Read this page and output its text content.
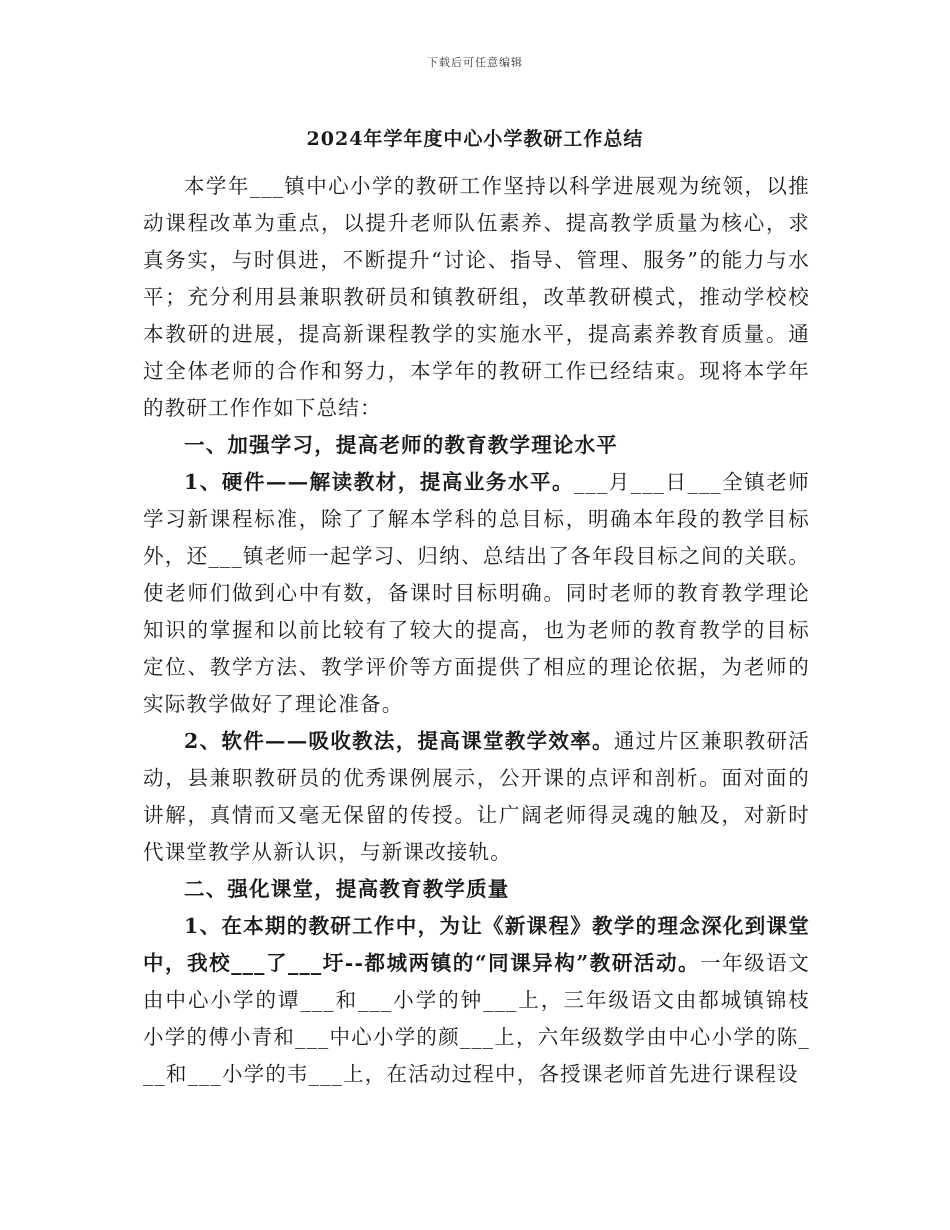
下载后可任意编辑
2024年学年度中心小学教研工作总结

本学年___镇中心小学的教研工作坚持以科学进展观为统领，以推动课程改革为重点，以提升老师队伍素养、提高教学质量为核心，求真务实，与时俱进，不断提升“讨论、指导、管理、服务”的能力与水平；充分利用县兼职教研员和镇教研组，改革教研模式，推动学校校本教研的进展，提高新课程教学的实施水平，提高素养教育质量。通过全体老师的合作和努力，本学年的教研工作已经结束。现将本学年的教研工作作如下总结：

一、加强学习，提高老师的教育教学理论水平

1、硬件——解读教材，提高业务水平。___月___日___全镇老师学习新课程标准，除了了解本学科的总目标，明确本年段的教学目标外，还___镇老师一起学习、归纳、总结出了各年段目标之间的关联。使老师们做到心中有数，备课时目标明确。同时老师的教育教学理论知识的掌握和以前比较有了较大的提高，也为老师的教育教学的目标定位、教学方法、教学评价等方面提供了相应的理论依据，为老师的实际教学做好了理论准备。

2、软件——吸收教法，提高课堂教学效率。通过片区兼职教研活动，县兼职教研员的优秀课例展示，公开课的点评和剖析。面对面的讲解，真情而又毫无保留的传授。让广阔老师得灵魂的触及，对新时代课堂教学从新认识，与新课改接轨。

二、强化课堂，提高教育教学质量

1、在本期的教研工作中，为让《新课程》教学的理念深化到课堂中，我校___了___圩--都城两镇的“同课异构”教研活动。一年级语文由中心小学的谭___和___小学的钟___上，三年级语文由都城镇锦枝小学的傅小青和___中心小学的颜___上，六年级数学由中心小学的陈___和___小学的韦___上，在活动过程中，各授课老师首先进行课程设
